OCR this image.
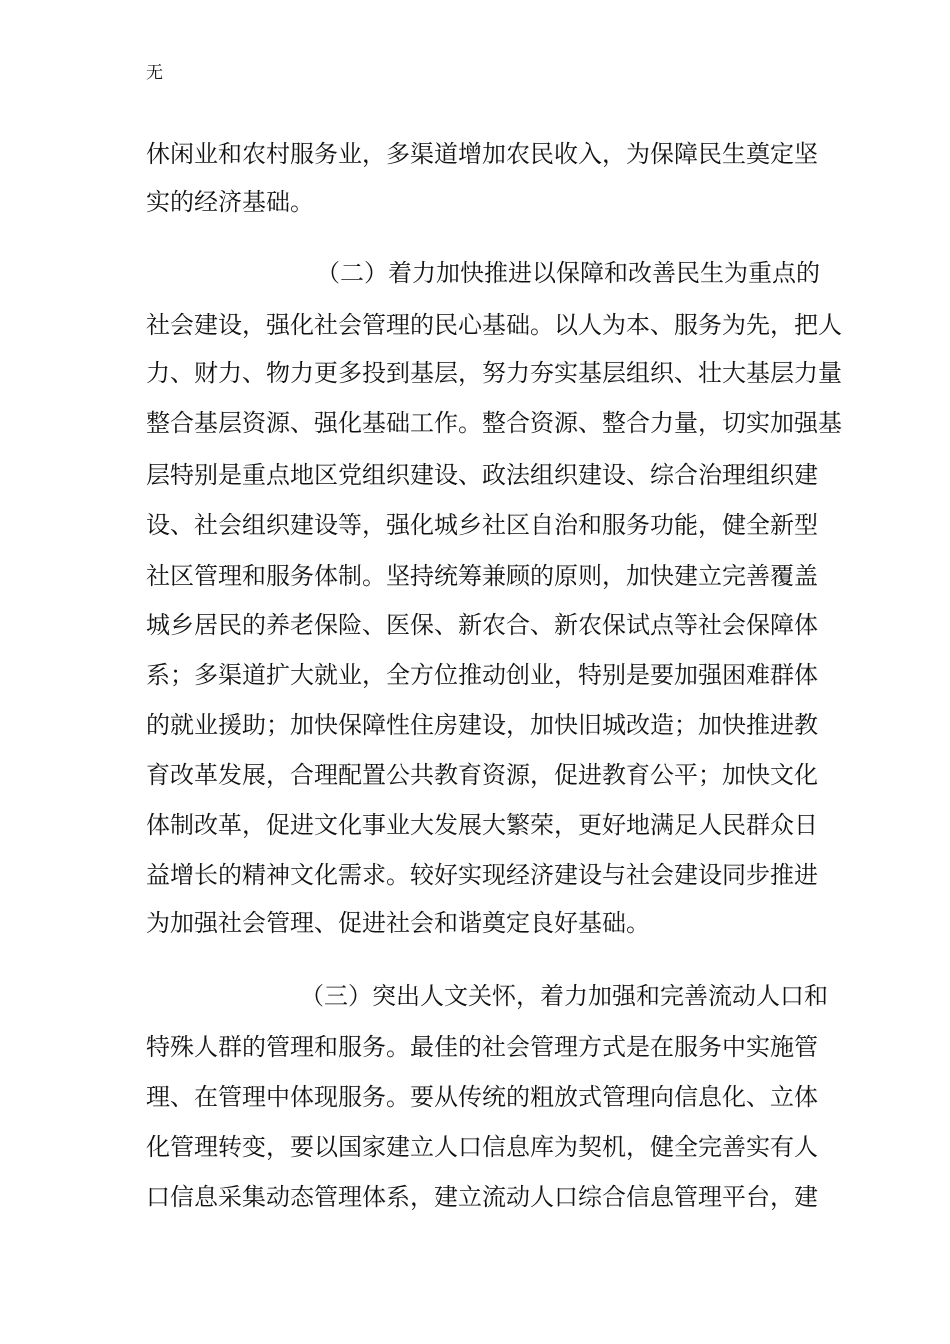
无
休闲业和农村服务业，多渠道增加农民收入，为保障民生奠定坚
实的经济基础。
（二）着力加快推进以保障和改善民生为重点的
社会建设，强化社会管理的民心基础。以人为本、服务为先，把人
力、财力、物力更多投到基层，努力夯实基层组织、壮大基层力量
整合基层资源、强化基础工作。整合资源、整合力量，切实加强基
层特别是重点地区党组织建设、政法组织建设、综合治理组织建
设、社会组织建设等，强化城乡社区自治和服务功能，健全新型
社区管理和服务体制。坚持统筹兼顾的原则，加快建立完善覆盖
城乡居民的养老保险、医保、新农合、新农保试点等社会保障体
系；多渠道扩大就业，全方位推动创业，特别是要加强困难群体
的就业援助；加快保障性住房建设，加快旧城改造；加快推进教
育改革发展，合理配置公共教育资源，促进教育公平；加快文化
体制改革，促进文化事业大发展大繁荣，更好地满足人民群众日
益增长的精神文化需求。较好实现经济建设与社会建设同步推进
为加强社会管理、促进社会和谐奠定良好基础。
（三）突出人文关怀，着力加强和完善流动人口和
特殊人群的管理和服务。最佳的社会管理方式是在服务中实施管
理、在管理中体现服务。要从传统的粗放式管理向信息化、立体
化管理转变，要以国家建立人口信息库为契机，健全完善实有人
口信息采集动态管理体系，建立流动人口综合信息管理平台，建
